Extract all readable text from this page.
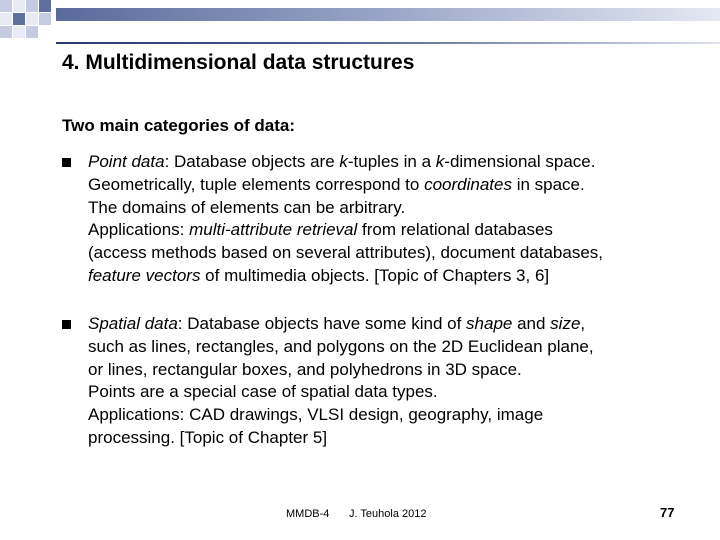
4. Multidimensional data structures
Two main categories of data:
Point data: Database objects are k-tuples in a k-dimensional space.
Geometrically, tuple elements correspond to coordinates in space.
The domains of elements can be arbitrary.
Applications: multi-attribute retrieval from relational databases
(access methods based on several attributes), document databases,
feature vectors of multimedia objects. [Topic of Chapters 3, 6]
Spatial data: Database objects have some kind of shape and size,
such as lines, rectangles, and polygons on the 2D Euclidean plane,
or lines, rectangular boxes, and polyhedrons in 3D space.
Points are a special case of spatial data types.
Applications: CAD drawings, VLSI design, geography, image
processing. [Topic of Chapter 5]
MMDB-4 J. Teuhola 2012	77
